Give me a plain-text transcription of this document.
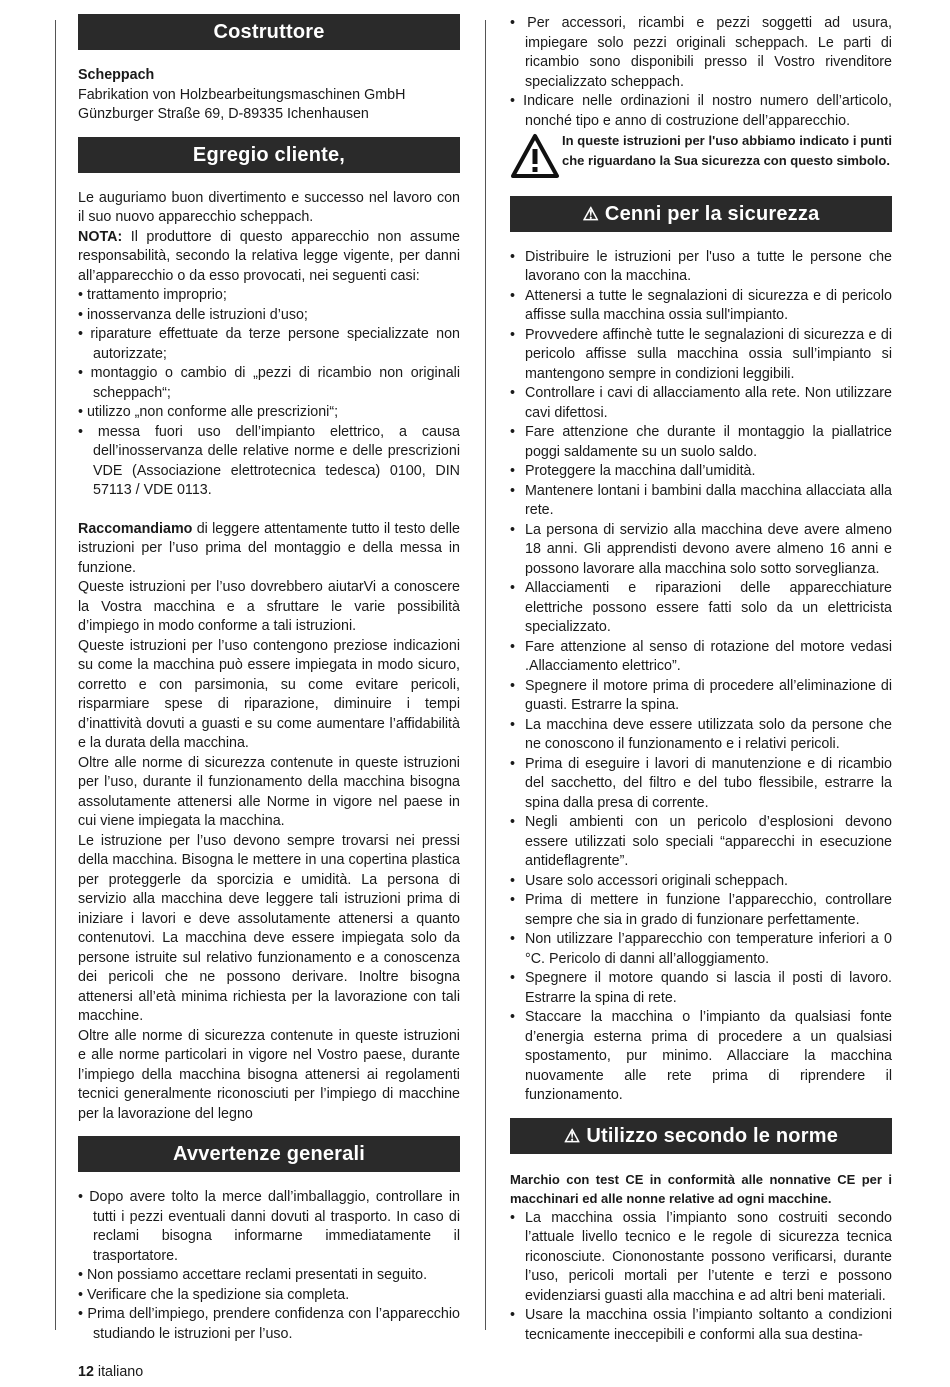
Costruttore

Scheppach

Fabrikation von Holzbearbeitungsmaschinen GmbH

Günzburger Straße 69, D-89335 Ichenhausen

Egregio cliente,

Le auguriamo buon divertimento e successo nel lavoro con il suo nuovo apparecchio scheppach.

NOTA: Il produttore di questo apparecchio non assume responsabilità, secondo la relativa legge vigente, per danni all’apparecchio o da esso provocati, nei seguenti casi:

• trattamento improprio;

• inosservanza delle istruzioni d’uso;

• riparature effettuate da terze persone specializzate non autorizzate;

• montaggio o cambio di „pezzi di ricambio non originali scheppach“;

• utilizzo „non conforme alle prescrizioni“;

• messa fuori uso dell’impianto elettrico, a causa dell’inosservanza delle relative norme e delle prescrizioni VDE (Associazione elettrotecnica tedesca) 0100, DIN 57113 / VDE 0113.

Raccomandiamo di leggere attentamente tutto il testo delle istruzioni per l’uso prima del montaggio e della messa in funzione.

Queste istruzioni per l’uso dovrebbero aiutarVi a conoscere la Vostra macchina e a sfruttare le varie possibilità d’impiego in modo conforme a tali istruzioni.

Queste istruzioni per l’uso contengono preziose indicazioni su come la macchina può essere impiegata in modo sicuro, corretto e con parsimonia, su come evitare pericoli, risparmiare spese di riparazione, diminuire i tempi d’inattività dovuti a guasti e su come aumentare l’affidabilità e la durata della macchina.

Oltre alle norme di sicurezza contenute in queste istruzioni per l’uso, durante il funzionamento della macchina bisogna assolutamente attenersi alle Norme in vigore nel paese in cui viene impiegata la macchina.

Le istruzione per l’uso devono sempre trovarsi nei pressi della macchina. Bisogna le mettere in una copertina plastica per proteggerle da sporcizia e umidità. La persona di servizio alla macchina deve leggere tali istruzioni prima di iniziare i lavori e deve assolutamente attenersi a quanto contenutovi. La macchina deve essere impiegata solo da persone istruite sul relativo funzionamento e a conoscenza dei pericoli che ne possono derivare. Inoltre bisogna attenersi all’età minima richiesta per la lavorazione con tali macchine.

Oltre alle norme di sicurezza contenute in queste istruzioni e alle norme particolari in vigore nel Vostro paese, durante l’impiego della macchina bisogna attenersi ai regolamenti tecnici generalmente riconosciuti per l’impiego di macchine per la lavorazione del legno

Avvertenze generali

• Dopo avere tolto la merce dall’imballaggio, controllare in tutti i pezzi eventuali danni dovuti al trasporto. In caso di reclami bisogna informarne immediatamente il trasportatore.

• Non possiamo accettare reclami presentati in seguito.

• Verificare che la spedizione sia completa.

• Prima dell’impiego, prendere confidenza con l’apparecchio studiando le istruzioni per l’uso.

• Per accessori, ricambi e pezzi soggetti ad usura, impiegare solo pezzi originali scheppach. Le parti di ricambio sono disponibili presso il Vostro rivenditore specializzato scheppach.

• Indicare nelle ordinazioni il nostro numero dell’articolo, nonché tipo e anno di costruzione dell’apparecchio.

In queste istruzioni per l'uso abbiamo indicato i punti che riguardano la Sua sicurezza con questo simbolo.
⚠ Cenni per la sicurezza

• Distribuire le istruzioni per l'uso a tutte le persone che lavorano con la macchina.

• Attenersi a tutte le segnalazioni di sicurezza e di pericolo affisse sulla macchina ossia sull'impianto.

• Provvedere affinchè tutte le segnalazioni di sicurezza e di pericolo affisse sulla macchina ossia sull’impianto si mantengono sempre in condizioni leggibili.

• Controllare i cavi di allacciamento alla rete. Non utilizzare cavi difettosi.

• Fare attenzione che durante il montaggio la piallatrice poggi saldamente su un suolo saldo.

• Proteggere la macchina dall’umidità.

• Mantenere lontani i bambini dalla macchina allacciata alla rete.

• La persona di servizio alla macchina deve avere almeno 18 anni. Gli apprendisti devono avere almeno 16 anni e possono lavorare alla macchina solo sotto sorveglianza.

• Allacciamenti e riparazioni delle apparecchiature elettriche possono essere fatti solo da un elettricista specializzato.

• Fare attenzione al senso di rotazione del motore vedasi .Allacciamento elettrico”.

• Spegnere il motore prima di procedere all’eliminazione di guasti. Estrarre la spina.

• La macchina deve essere utilizzata solo da persone che ne conoscono il funzionamento e i relativi pericoli.

• Prima di eseguire i lavori di manutenzione e di ricambio del sacchetto, del filtro e del tubo flessibile, estrarre la spina dalla presa di corrente.

• Negli ambienti con un pericolo d’esplosioni devono essere utilizzati solo speciali “apparecchi in esecuzione antideflagrente”.

• Usare solo accessori originali scheppach.

• Prima di mettere in funzione l’apparecchio, controllare sempre che sia in grado di funzionare perfettamente.

• Non utilizzare l’apparecchio con temperature inferiori a 0 °C. Pericolo di danni all’alloggiamento.

• Spegnere il motore quando si lascia il posti di lavoro. Estrarre la spina di rete.

• Staccare la macchina o l’impianto da qualsiasi fonte d’energia esterna prima di procedere a un qualsiasi spostamento, pur minimo. Allacciare la macchina nuovamente alle rete prima di riprendere il funzionamento.

⚠ Utilizzo secondo le norme

Marchio con test CE in conformità alle nonnative CE per i macchinari ed alle nonne relative ad ogni macchine.

• La macchina ossia l’impianto sono costruiti secondo l’attuale livello tecnico e le regole di sicurezza tecnica riconosciute. Ciononostante possono verificarsi, durante l’uso, pericoli mortali per l’utente e terzi e possono evidenziarsi guasti alla macchina e ad altri beni materiali.

• Usare la macchina ossia l’impianto soltanto a condizioni tecnicamente ineccepibili e conformi alla sua destina-

12 italiano
